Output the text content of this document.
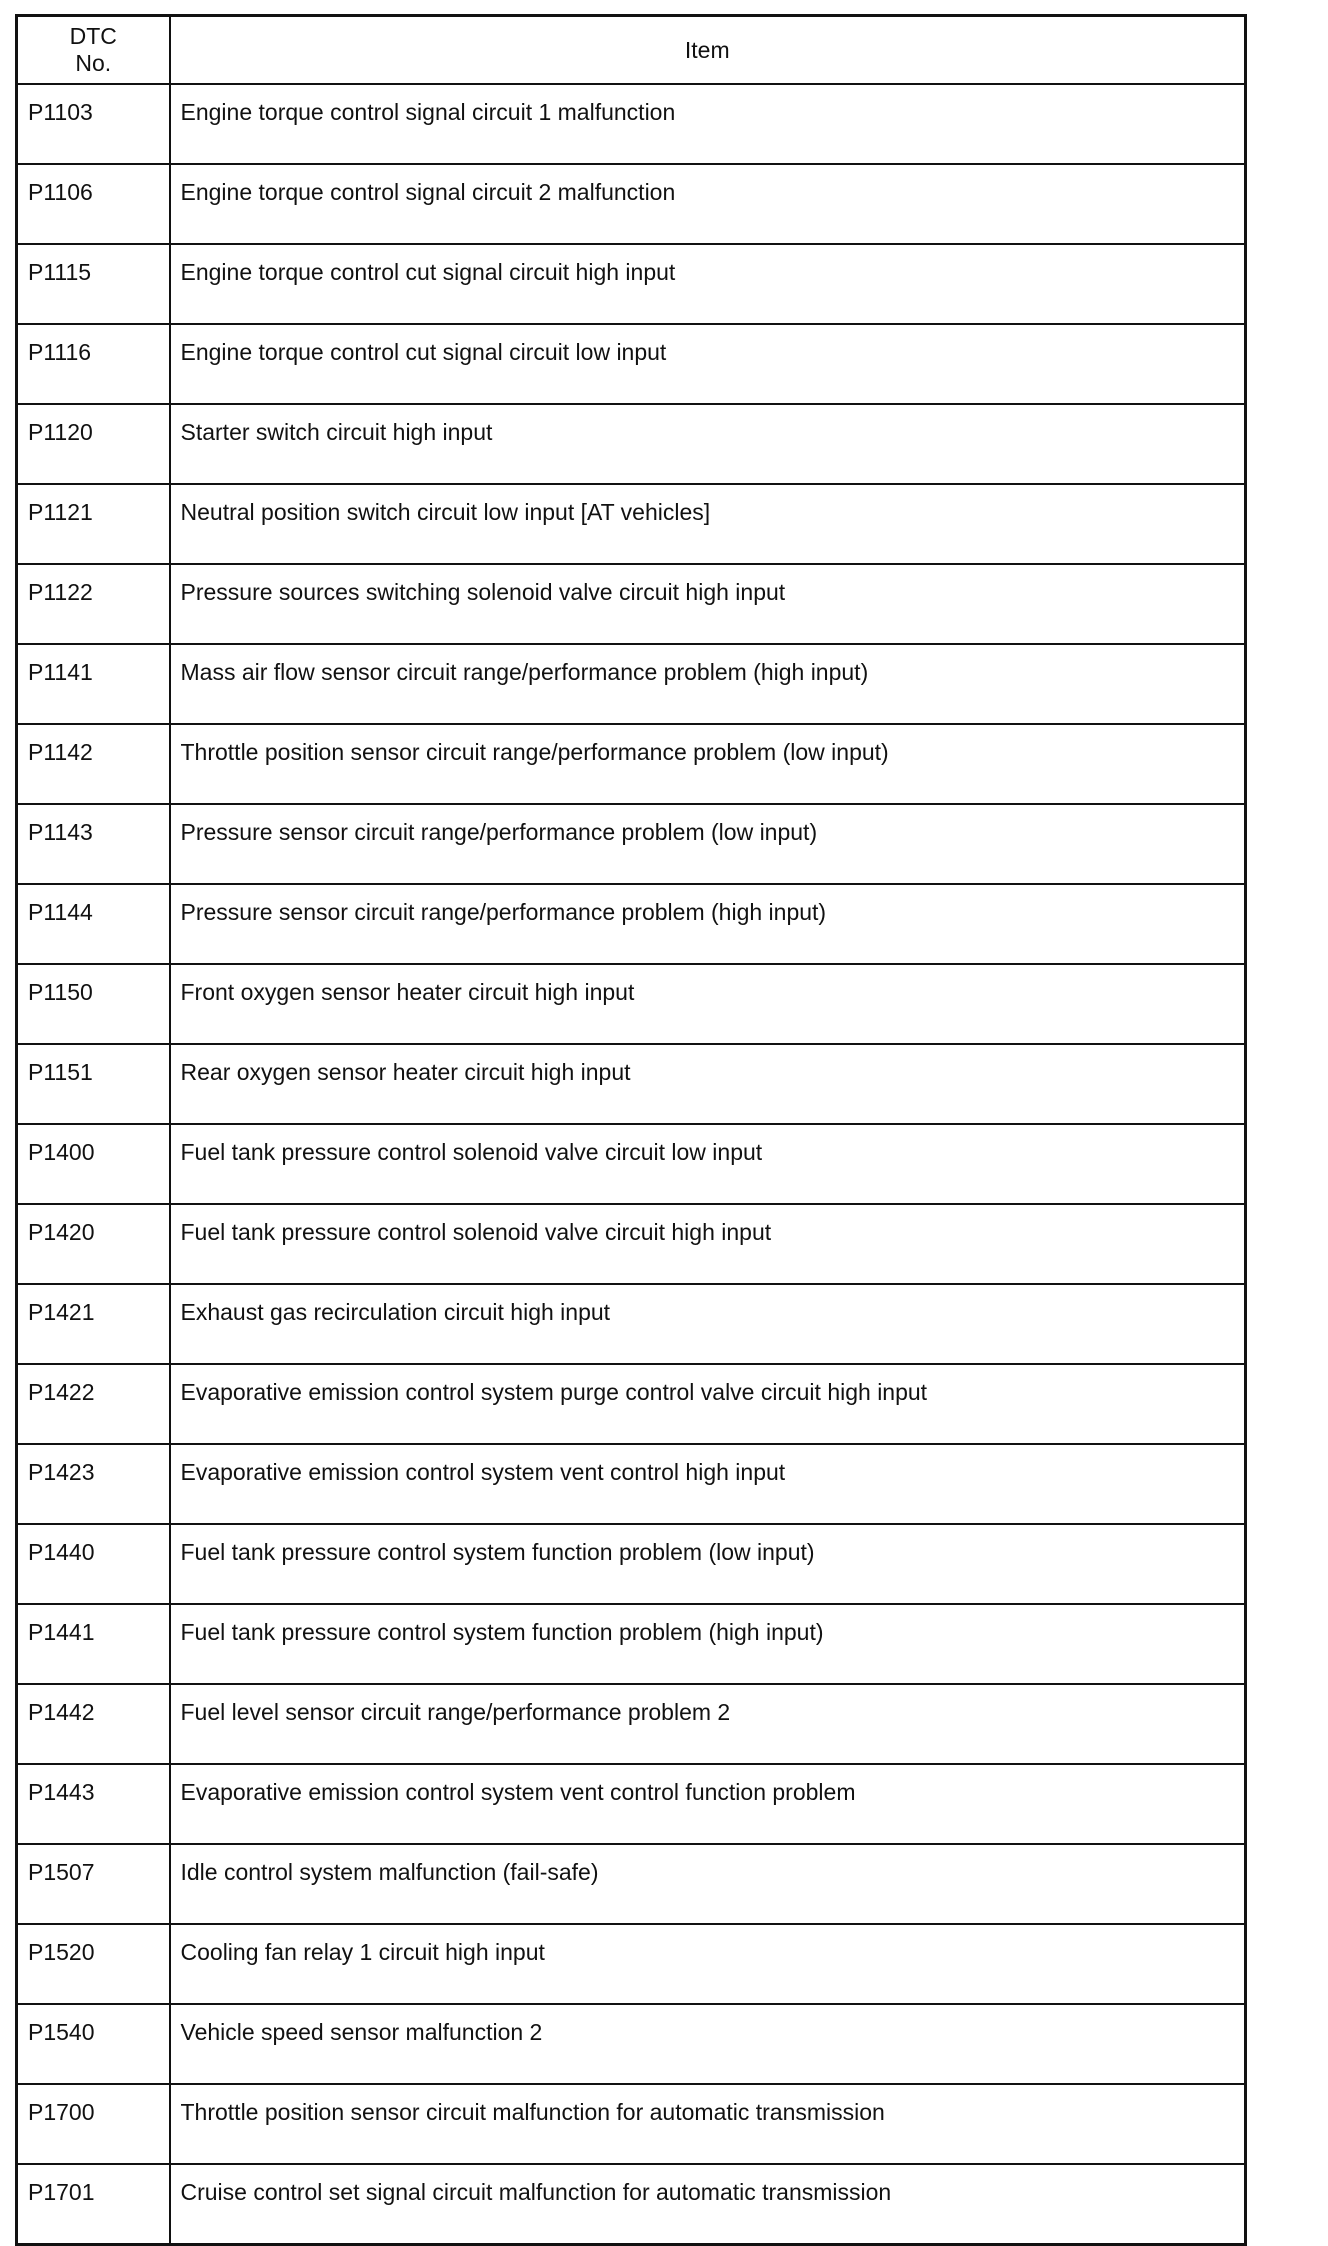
DTC
No.	Item
P1103	Engine torque control signal circuit 1 malfunction
P1106	Engine torque control signal circuit 2 malfunction
P1115	Engine torque control cut signal circuit high input
P1116	Engine torque control cut signal circuit low input
P1120	Starter switch circuit high input
P1121	Neutral position switch circuit low input [AT vehicles]
P1122	Pressure sources switching solenoid valve circuit high input
P1141	Mass air flow sensor circuit range/performance problem (high input)
P1142	Throttle position sensor circuit range/performance problem (low input)
P1143	Pressure sensor circuit range/performance problem (low input)
P1144	Pressure sensor circuit range/performance problem (high input)
P1150	Front oxygen sensor heater circuit high input
P1151	Rear oxygen sensor heater circuit high input
P1400	Fuel tank pressure control solenoid valve circuit low input
P1420	Fuel tank pressure control solenoid valve circuit high input
P1421	Exhaust gas recirculation circuit high input
P1422	Evaporative emission control system purge control valve circuit high input
P1423	Evaporative emission control system vent control high input
P1440	Fuel tank pressure control system function problem (low input)
P1441	Fuel tank pressure control system function problem (high input)
P1442	Fuel level sensor circuit range/performance problem 2
P1443	Evaporative emission control system vent control function problem
P1507	Idle control system malfunction (fail-safe)
P1520	Cooling fan relay 1 circuit high input
P1540	Vehicle speed sensor malfunction 2
P1700	Throttle position sensor circuit malfunction for automatic transmission
P1701	Cruise control set signal circuit malfunction for automatic transmission
